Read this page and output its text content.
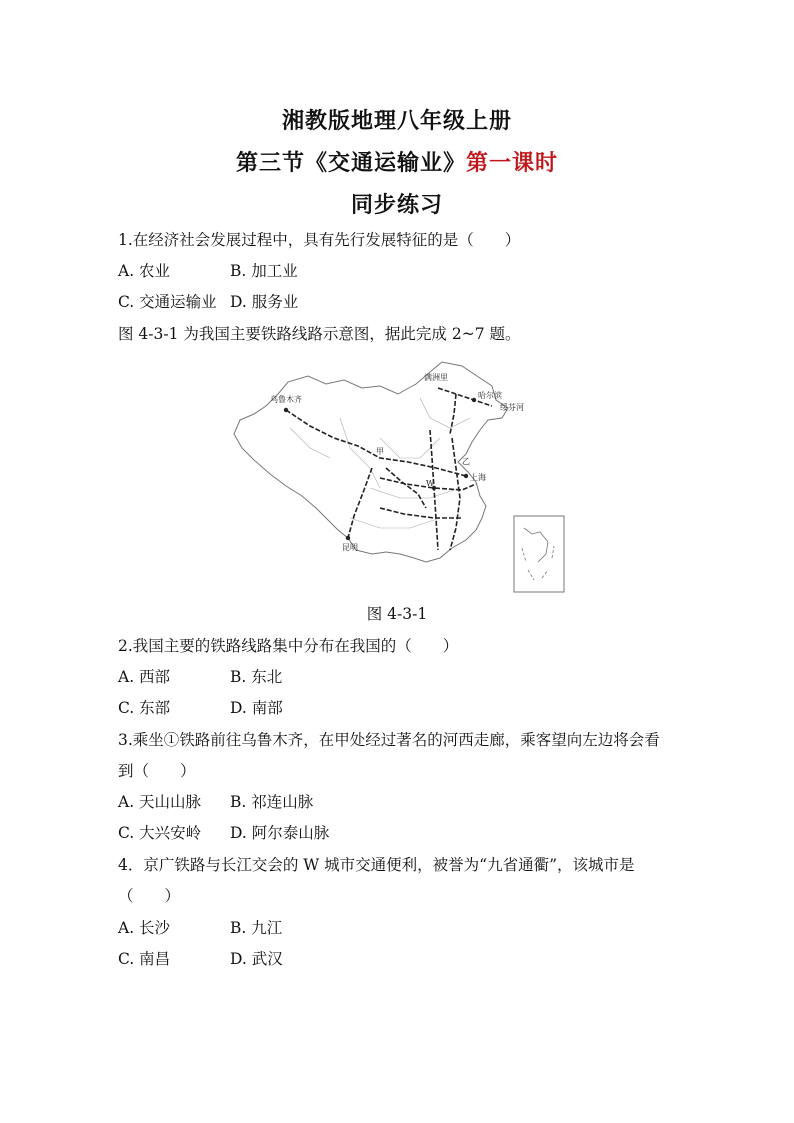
湘教版地理八年级上册
第三节《交通运输业》第一课时
同步练习
1.在经济社会发展过程中，具有先行发展特征的是（　　）
A. 农业	B. 加工业
C. 交通运输业 D. 服务业
图 4-3-1 为我国主要铁路线路示意图，据此完成 2~7 题。
乌鲁木齐
满洲里
哈尔滨
绥芬河
甲
上海
W
昆明
乙
图 4-3-1
2.我国主要的铁路线路集中分布在我国的（　　）
A. 西部	B. 东北
C. 东部	D. 南部
3.乘坐①铁路前往乌鲁木齐，在甲处经过著名的河西走廊，乘客望向左边将会看
到（　　）
A. 天山山脉 B. 祁连山脉
C. 大兴安岭 D. 阿尔泰山脉
4．京广铁路与长江交会的 W 城市交通便利，被誉为“九省通衢”，该城市是
（　　）
A. 长沙	B. 九江
C. 南昌	D. 武汉
